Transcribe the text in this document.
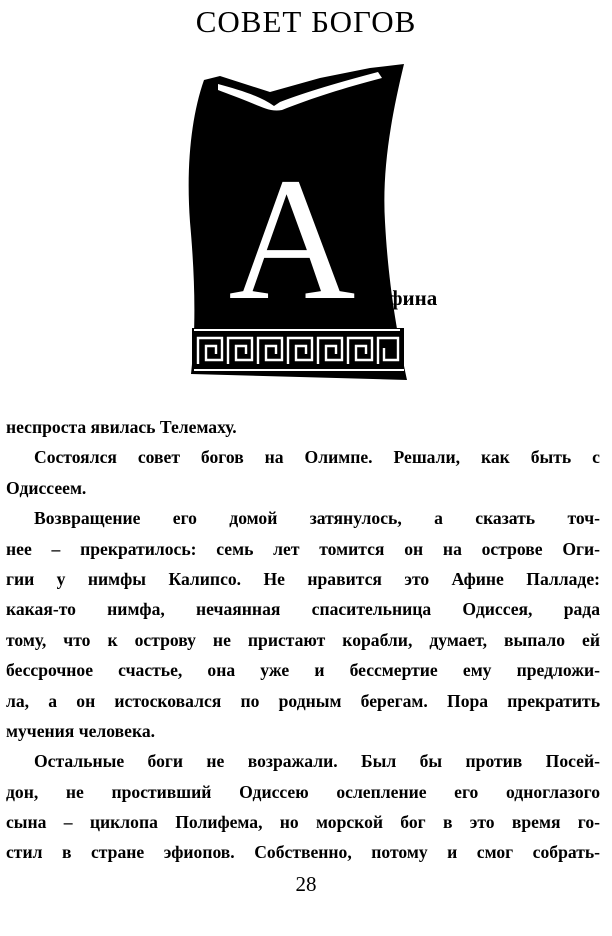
СОВЕТ БОГОВ
А фина
неспроста явилась Телемаху.
Состоялся совет богов на Олимпе. Решали, как быть с
Одиссеем.
Возвращение его домой затянулось, а сказать точ-
нее – прекратилось: семь лет томится он на острове Оги-
гии у нимфы Калипсо. Не нравится это Афине Палладе:
какая-то нимфа, нечаянная спасительница Одиссея, рада
тому, что к острову не пристают корабли, думает, выпало ей
бессрочное счастье, она уже и бессмертие ему предложи-
ла, а он истосковался по родным берегам. Пора прекратить
мучения человека.
Остальные боги не возражали. Был бы против Посей-
дон, не простивший Одиссею ослепление его одноглазого
сына – циклопа Полифема, но морской бог в это время го-
стил в стране эфиопов. Собственно, потому и смог собрать-
28
